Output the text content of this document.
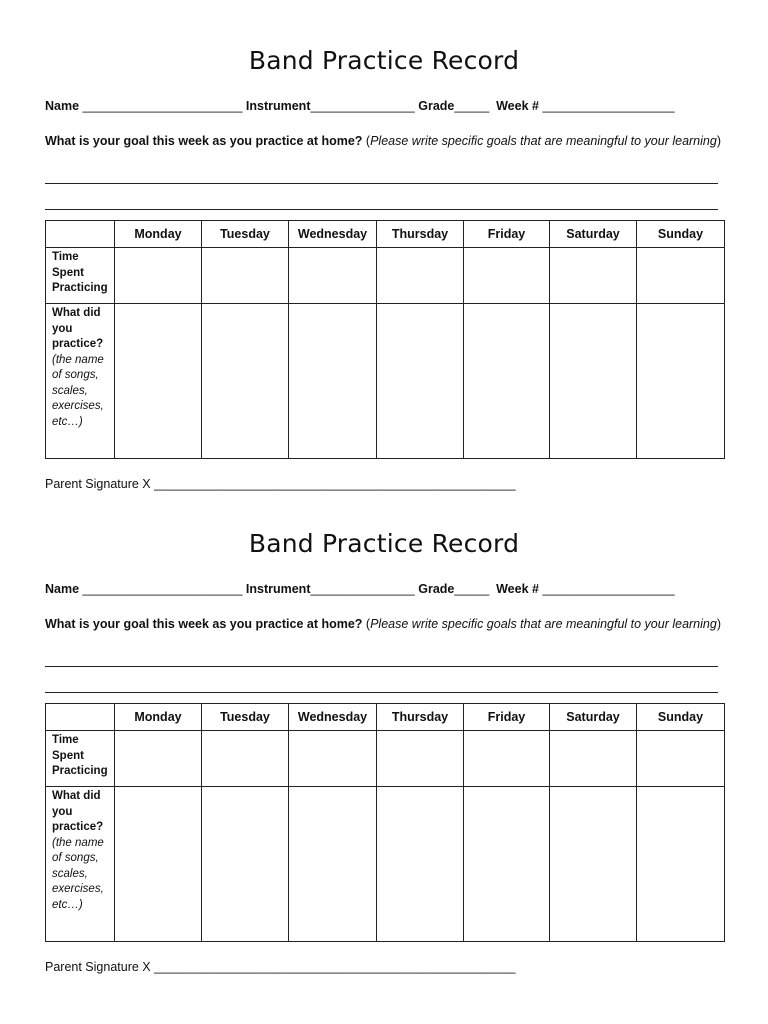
Band Practice Record
Name _______________________ Instrument_______________ Grade_____  Week # ___________________
What is your goal this week as you practice at home? (Please write specific goals that are meaningful to your learning)
	Monday	Tuesday	Wednesday	Thursday	Friday	Saturday	Sunday
Time Spent Practicing							
What did you practice?
(the name of songs, scales, exercises, etc…)							
Parent Signature X ____________________________________________________
Band Practice Record
Name _______________________ Instrument_______________ Grade_____  Week # ___________________
What is your goal this week as you practice at home? (Please write specific goals that are meaningful to your learning)
	Monday	Tuesday	Wednesday	Thursday	Friday	Saturday	Sunday
Time Spent Practicing							
What did you practice?
(the name of songs, scales, exercises, etc…)							
Parent Signature X ____________________________________________________
